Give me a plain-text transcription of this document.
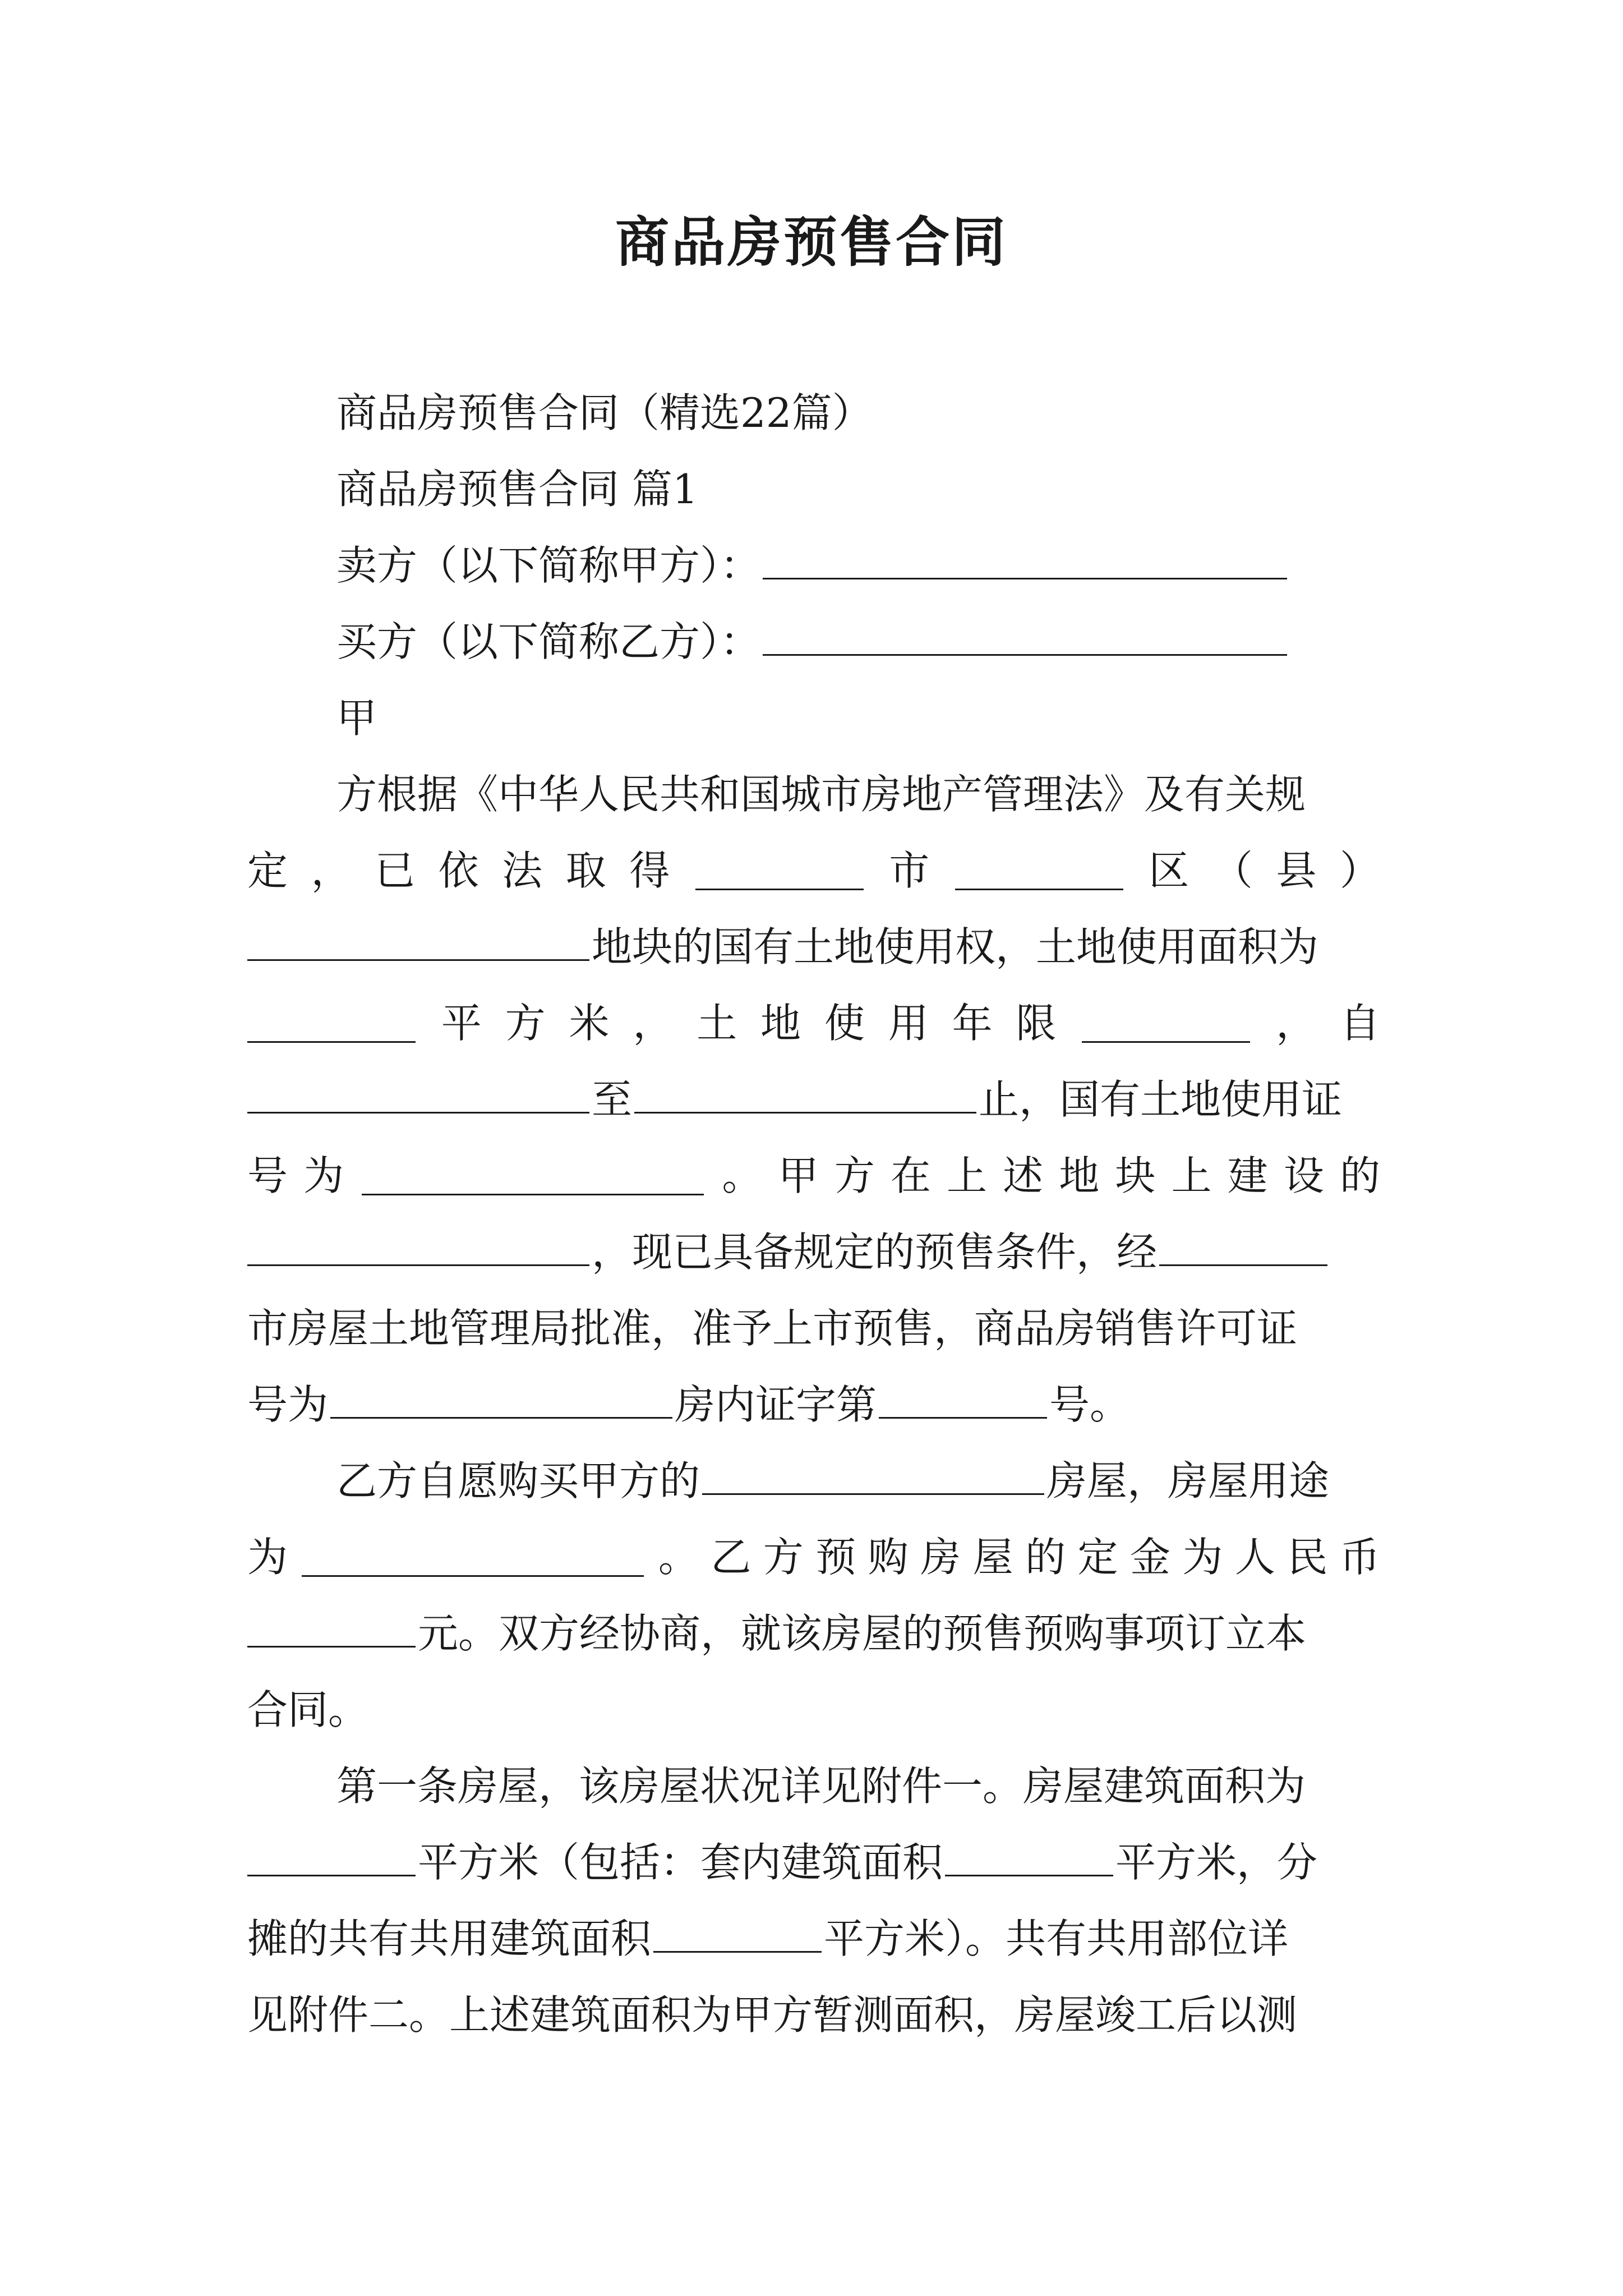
商品房预售合同
商品房预售合同（精选22篇）
商品房预售合同 篇1
卖方（以下简称甲方）：
买方（以下简称乙方）：
甲
方根据《中华人民共和国城市房地产管理法》及有关规
定 ， 已 依 法 取 得	市	区 （ 县 ）
地块的国有土地使用权，土地使用面积为
平 方 米 ， 土 地 使 用 年 限	， 自
至	止，国有土地使用证
号 为	。 甲 方 在 上 述 地 块 上 建 设 的
，现已具备规定的预售条件，经
市房屋土地管理局批准，准予上市预售，商品房销售许可证
号为	房内证字第	号。
乙方自愿购买甲方的	房屋，房屋用途
为	。 乙 方 预 购 房 屋 的 定 金 为 人 民 币
元。双方经协商，就该房屋的预售预购事项订立本
合同。
第一条房屋，该房屋状况详见附件一。房屋建筑面积为
平方米（包括：套内建筑面积	平方米，分
摊的共有共用建筑面积	平方米）。共有共用部位详
见附件二。上述建筑面积为甲方暂测面积，房屋竣工后以测
